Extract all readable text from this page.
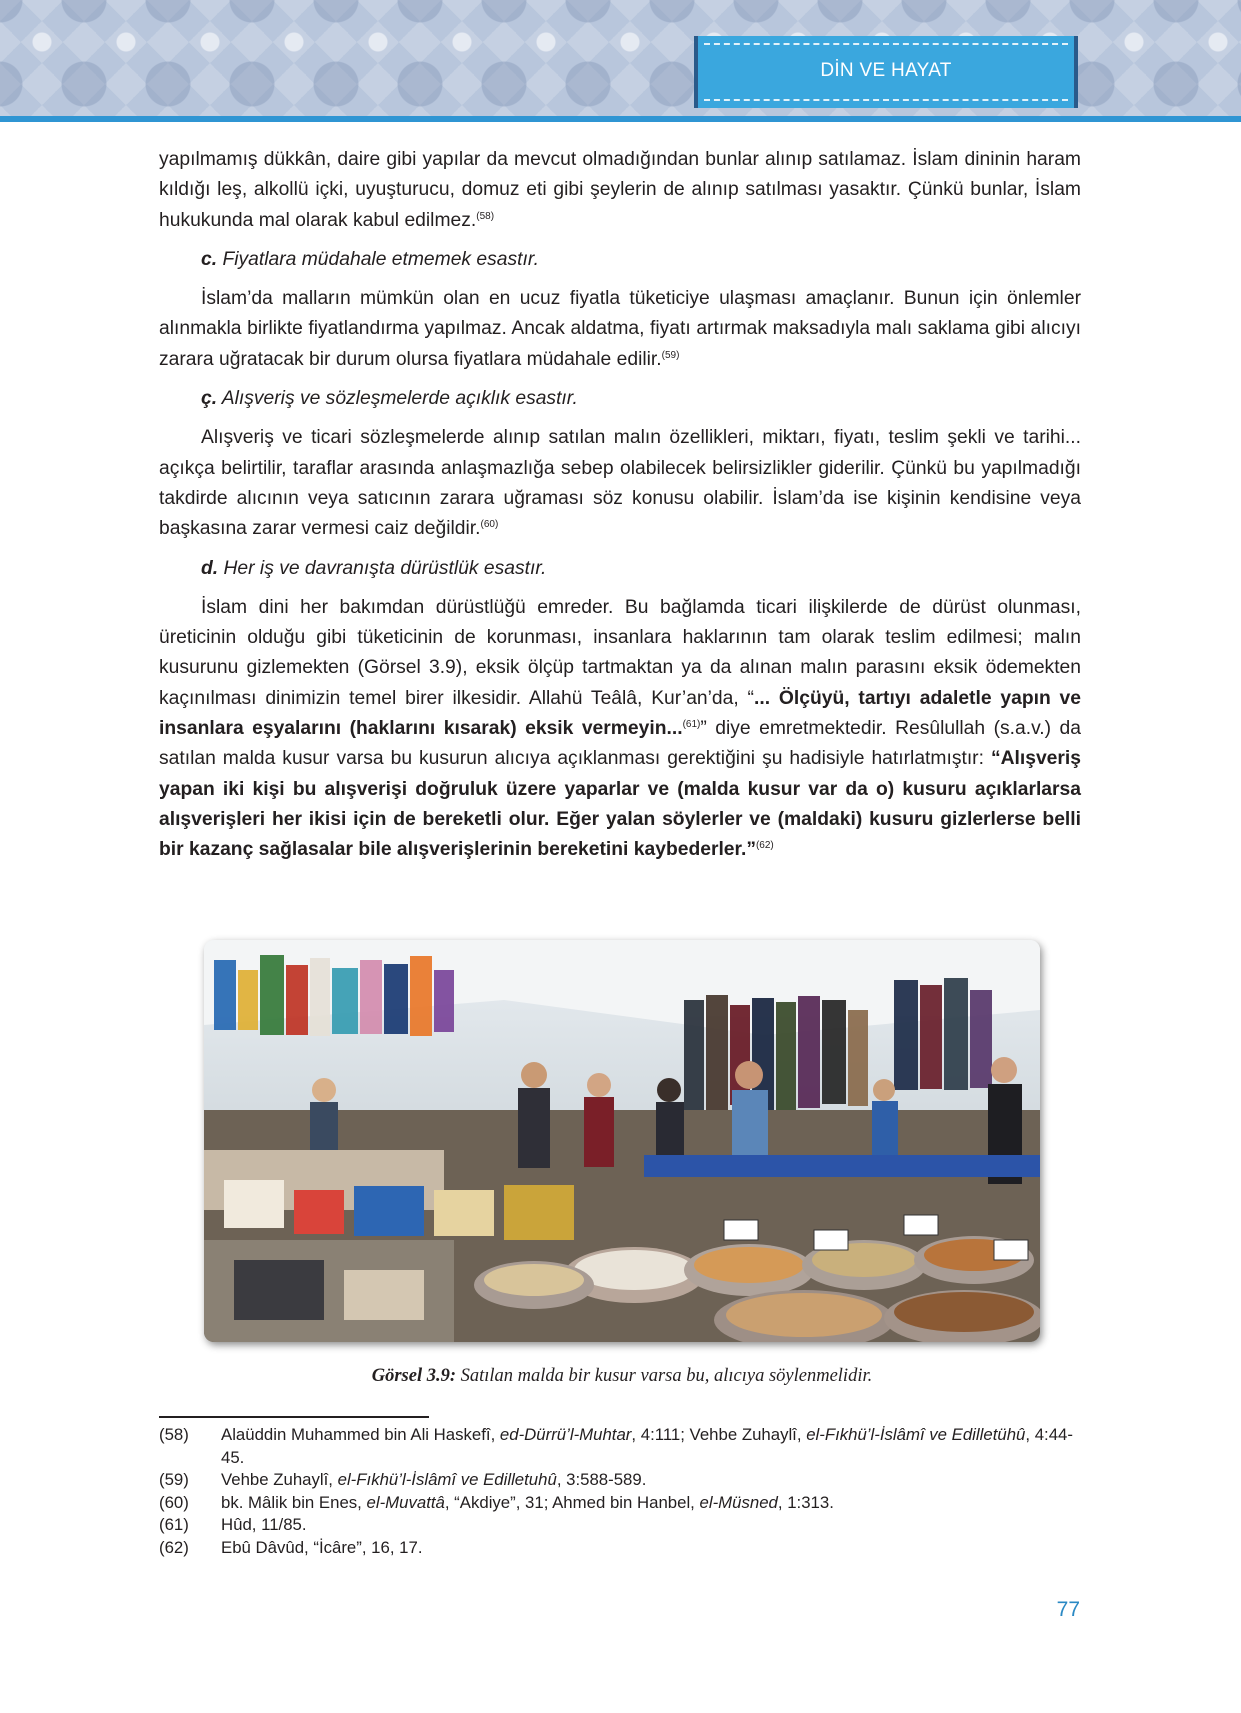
DİN VE HAYAT

yapılmamış dükkân, daire gibi yapılar da mevcut olmadığından bunlar alınıp satılamaz. İslam dininin haram kıldığı leş, alkollü içki, uyuşturucu, domuz eti gibi şeylerin de alınıp satılması yasaktır. Çünkü bunlar, İslam hukukunda mal olarak kabul edilmez.$^{(58)}$

c. Fiyatlara müdahale etmemek esastır.

İslam’da malların mümkün olan en ucuz fiyatla tüketiciye ulaşması amaçlanır. Bunun için önlemler alınmakla birlikte fiyatlandırma yapılmaz. Ancak aldatma, fiyatı artırmak maksadıyla malı saklama gibi alıcıyı zarara uğratacak bir durum olursa fiyatlara müdahale edilir.$^{(59)}$

ç. Alışveriş ve sözleşmelerde açıklık esastır.

Alışveriş ve ticari sözleşmelerde alınıp satılan malın özellikleri, miktarı, fiyatı, teslim şekli ve tarihi... açıkça belirtilir, taraflar arasında anlaşmazlığa sebep olabilecek belirsizlikler giderilir. Çünkü bu yapılmadığı takdirde alıcının veya satıcının zarara uğraması söz konusu olabilir. İslam’da ise kişinin kendisine veya başkasına zarar vermesi caiz değildir.$^{(60)}$

d. Her iş ve davranışta dürüstlük esastır.

İslam dini her bakımdan dürüstlüğü emreder. Bu bağlamda ticari ilişkilerde de dürüst olunması, üreticinin olduğu gibi tüketicinin de korunması, insanlara haklarının tam olarak teslim edilmesi; malın kusurunu gizlemekten (Görsel 3.9), eksik ölçüp tartmaktan ya da alınan malın parasını eksik ödemekten kaçınılması dinimizin temel birer ilkesidir. Allahü Teâlâ, Kur’an’da, “... Ölçüyü, tartıyı adaletle yapın ve insanlara eşyalarını (haklarını kısarak) eksik vermeyin...$^{(61)}$” diye emretmektedir. Resûlullah (s.a.v.) da satılan malda kusur varsa bu kusurun alıcıya açıklanması gerektiğini şu hadisiyle hatırlatmıştır: “Alışveriş yapan iki kişi bu alışverişi doğruluk üzere yaparlar ve (malda kusur var da o) kusuru açıklarlarsa alışverişleri her ikisi için de bereketli olur. Eğer yalan söylerler ve (maldaki) kusuru gizlerlerse belli bir kazanç sağlasalar bile alışverişlerinin bereketini kaybederler.”$^{(62)}$

Görsel 3.9: Satılan malda bir kusur varsa bu, alıcıya söylenmelidir.
(58)	Alaüddin Muhammed bin Ali Haskefî, ed-Dürrü’l-Muhtar, 4:111; Vehbe Zuhaylî, el-Fıkhü’l-İslâmî ve Edilletühû, 4:44-45.
(59)	Vehbe Zuhaylî, el-Fıkhü’l-İslâmî ve Edilletuhû, 3:588-589.
(60)	bk. Mâlik bin Enes, el-Muvattâ, “Akdiye”, 31; Ahmed bin Hanbel, el-Müsned, 1:313.
(61)	Hûd, 11/85.
(62)	Ebû Dâvûd, “İcâre”, 16, 17.
77
